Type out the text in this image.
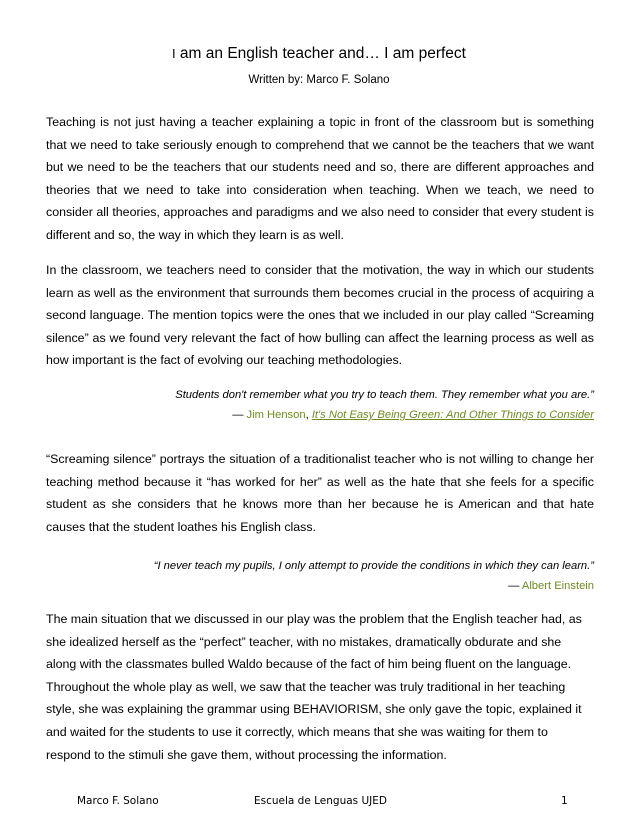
I am an English teacher and… I am perfect
Written by: Marco F. Solano

Teaching is not just having a teacher explaining a topic in front of the classroom but is something that we need to take seriously enough to comprehend that we cannot be the teachers that we want but we need to be the teachers that our students need and so, there are different approaches and theories that we need to take into consideration when teaching. When we teach, we need to consider all theories, approaches and paradigms and we also need to consider that every student is different and so, the way in which they learn is as well.

In the classroom, we teachers need to consider that the motivation, the way in which our students learn as well as the environment that surrounds them becomes crucial in the process of acquiring a second language. The mention topics were the ones that we included in our play called “Screaming silence” as we found very relevant the fact of how bulling can affect the learning process as well as how important is the fact of evolving our teaching methodologies.

Students don't remember what you try to teach them. They remember what you are.”
— Jim Henson, It's Not Easy Being Green: And Other Things to Consider

“Screaming silence” portrays the situation of a traditionalist teacher who is not willing to change her teaching method because it “has worked for her” as well as the hate that she feels for a specific student as she considers that he knows more than her because he is American and that hate causes that the student loathes his English class.

“I never teach my pupils, I only attempt to provide the conditions in which they can learn.”
— Albert Einstein

The main situation that we discussed in our play was the problem that the English teacher had, as she idealized herself as the “perfect” teacher, with no mistakes, dramatically obdurate and she along with the classmates bulled Waldo because of the fact of him being fluent on the language. Throughout the whole play as well, we saw that the teacher was truly traditional in her teaching style, she was explaining the grammar using BEHAVIORISM, she only gave the topic, explained it and waited for the students to use it correctly, which means that she was waiting for them to respond to the stimuli she gave them, without processing the information.

Marco F. Solano	Escuela de Lenguas UJED	1
